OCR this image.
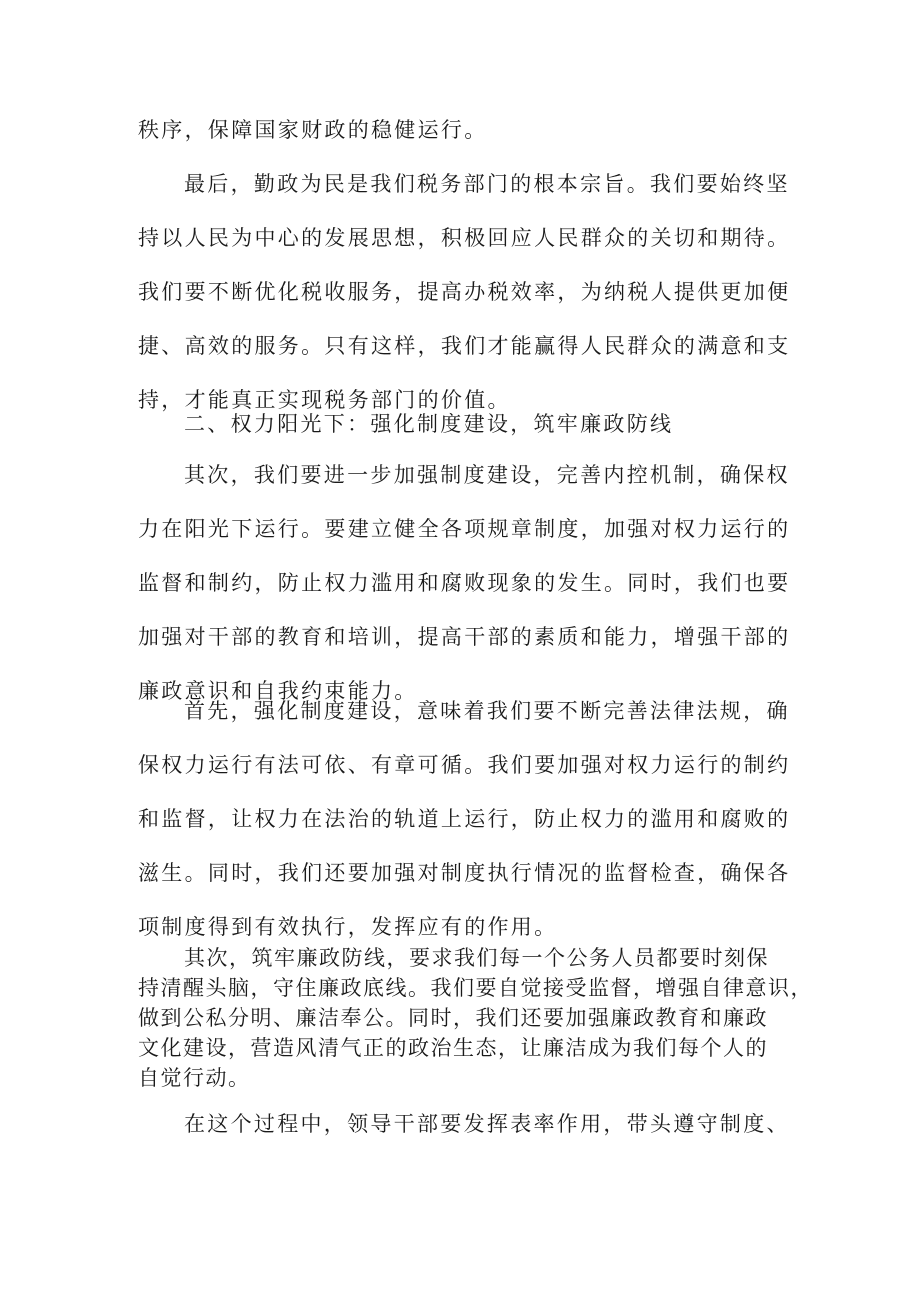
秩序，保障国家财政的稳健运行。
最后，勤政为民是我们税务部门的根本宗旨。我们要始终坚
持以人民为中心的发展思想，积极回应人民群众的关切和期待。
我们要不断优化税收服务，提高办税效率，为纳税人提供更加便
捷、高效的服务。只有这样，我们才能赢得人民群众的满意和支
持，才能真正实现税务部门的价值。
二、权力阳光下：强化制度建设，筑牢廉政防线
其次，我们要进一步加强制度建设，完善内控机制，确保权
力在阳光下运行。要建立健全各项规章制度，加强对权力运行的
监督和制约，防止权力滥用和腐败现象的发生。同时，我们也要
加强对干部的教育和培训，提高干部的素质和能力，增强干部的
廉政意识和自我约束能力。
首先，强化制度建设，意味着我们要不断完善法律法规，确
保权力运行有法可依、有章可循。我们要加强对权力运行的制约
和监督，让权力在法治的轨道上运行，防止权力的滥用和腐败的
滋生。同时，我们还要加强对制度执行情况的监督检查，确保各
项制度得到有效执行，发挥应有的作用。
其次，筑牢廉政防线，要求我们每一个公务人员都要时刻保
持清醒头脑，守住廉政底线。我们要自觉接受监督，增强自律意识，
做到公私分明、廉洁奉公。同时，我们还要加强廉政教育和廉政
文化建设，营造风清气正的政治生态，让廉洁成为我们每个人的
自觉行动。
在这个过程中，领导干部要发挥表率作用，带头遵守制度、
